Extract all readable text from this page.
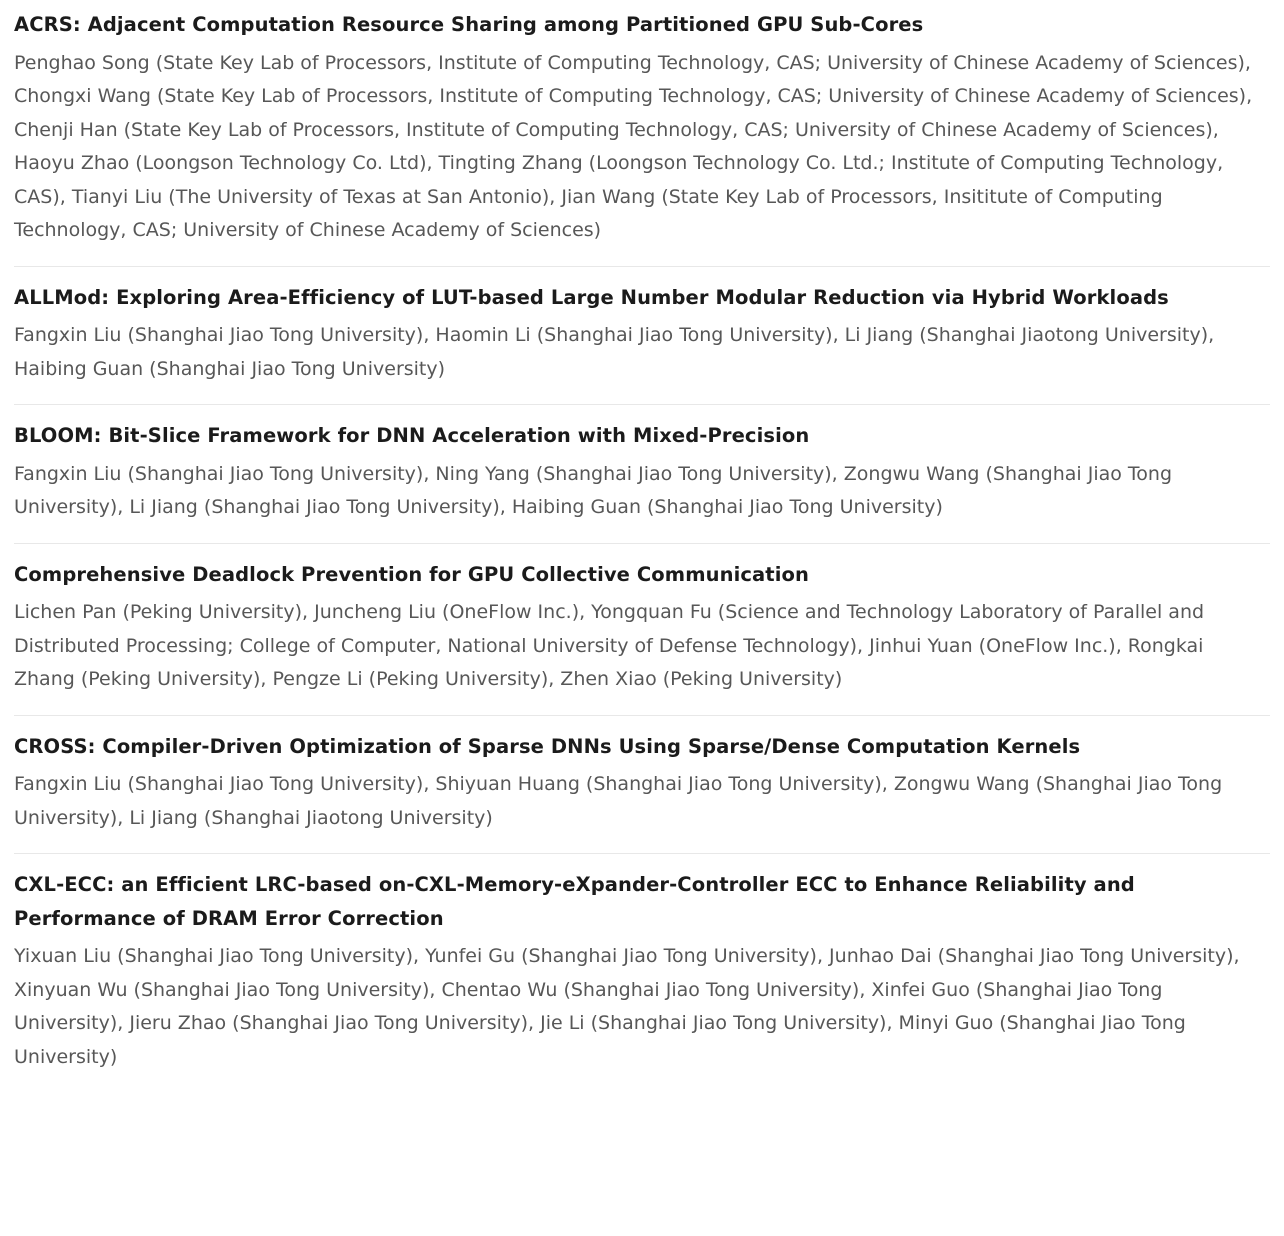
ACRS: Adjacent Computation Resource Sharing among Partitioned GPU Sub-Cores

Penghao Song (State Key Lab of Processors, Institute of Computing Technology, CAS; University of Chinese Academy of Sciences), Chongxi Wang (State Key Lab of Processors, Institute of Computing Technology, CAS; University of Chinese Academy of Sciences), Chenji Han (State Key Lab of Processors, Institute of Computing Technology, CAS; University of Chinese Academy of Sciences), Haoyu Zhao (Loongson Technology Co. Ltd), Tingting Zhang (Loongson Technology Co. Ltd.; Institute of Computing Technology, CAS), Tianyi Liu (The University of Texas at San Antonio), Jian Wang (State Key Lab of Processors, Insititute of Computing Technology, CAS; University of Chinese Academy of Sciences)

ALLMod: Exploring Area-Efficiency of LUT-based Large Number Modular Reduction via Hybrid Workloads

Fangxin Liu (Shanghai Jiao Tong University), Haomin Li (Shanghai Jiao Tong University), Li Jiang (Shanghai Jiaotong University), Haibing Guan (Shanghai Jiao Tong University)

BLOOM: Bit-Slice Framework for DNN Acceleration with Mixed-Precision

Fangxin Liu (Shanghai Jiao Tong University), Ning Yang (Shanghai Jiao Tong University), Zongwu Wang (Shanghai Jiao Tong University), Li Jiang (Shanghai Jiao Tong University), Haibing Guan (Shanghai Jiao Tong University)

Comprehensive Deadlock Prevention for GPU Collective Communication

Lichen Pan (Peking University), Juncheng Liu (OneFlow Inc.), Yongquan Fu (Science and Technology Laboratory of Parallel and Distributed Processing; College of Computer, National University of Defense Technology), Jinhui Yuan (OneFlow Inc.), Rongkai Zhang (Peking University), Pengze Li (Peking University), Zhen Xiao (Peking University)

CROSS: Compiler-Driven Optimization of Sparse DNNs Using Sparse/Dense Computation Kernels

Fangxin Liu (Shanghai Jiao Tong University), Shiyuan Huang (Shanghai Jiao Tong University), Zongwu Wang (Shanghai Jiao Tong University), Li Jiang (Shanghai Jiaotong University)

CXL-ECC: an Efficient LRC-based on-CXL-Memory-eXpander-Controller ECC to Enhance Reliability and Performance of DRAM Error Correction

Yixuan Liu (Shanghai Jiao Tong University), Yunfei Gu (Shanghai Jiao Tong University), Junhao Dai (Shanghai Jiao Tong University), Xinyuan Wu (Shanghai Jiao Tong University), Chentao Wu (Shanghai Jiao Tong University), Xinfei Guo (Shanghai Jiao Tong University), Jieru Zhao (Shanghai Jiao Tong University), Jie Li (Shanghai Jiao Tong University), Minyi Guo (Shanghai Jiao Tong University)
